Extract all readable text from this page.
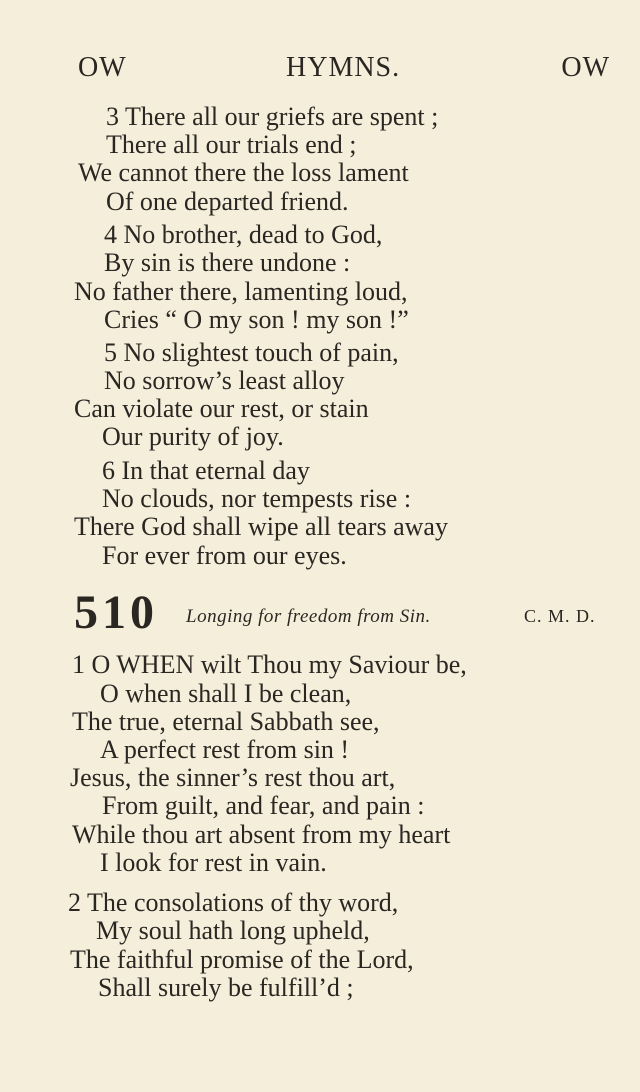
OW	HYMNS.	OW
3 There all our griefs are spent ;
There all our trials end ;
We cannot there the loss lament
Of one departed friend.
4 No brother, dead to God,
By sin is there undone :
No father there, lamenting loud,
Cries “ O my son ! my son !”
5 No slightest touch of pain,
No sorrow’s least alloy
Can violate our rest, or stain
Our purity of joy.
6 In that eternal day
No clouds, nor tempests rise :
There God shall wipe all tears away
For ever from our eyes.
510 Longing for freedom from Sin.	C. M. D.
1 O WHEN wilt Thou my Saviour be,
O when shall I be clean,
The true, eternal Sabbath see,
A perfect rest from sin !
Jesus, the sinner’s rest thou art,
From guilt, and fear, and pain :
While thou art absent from my heart
I look for rest in vain.
2 The consolations of thy word,
My soul hath long upheld,
The faithful promise of the Lord,
Shall surely be fulfill’d ;
